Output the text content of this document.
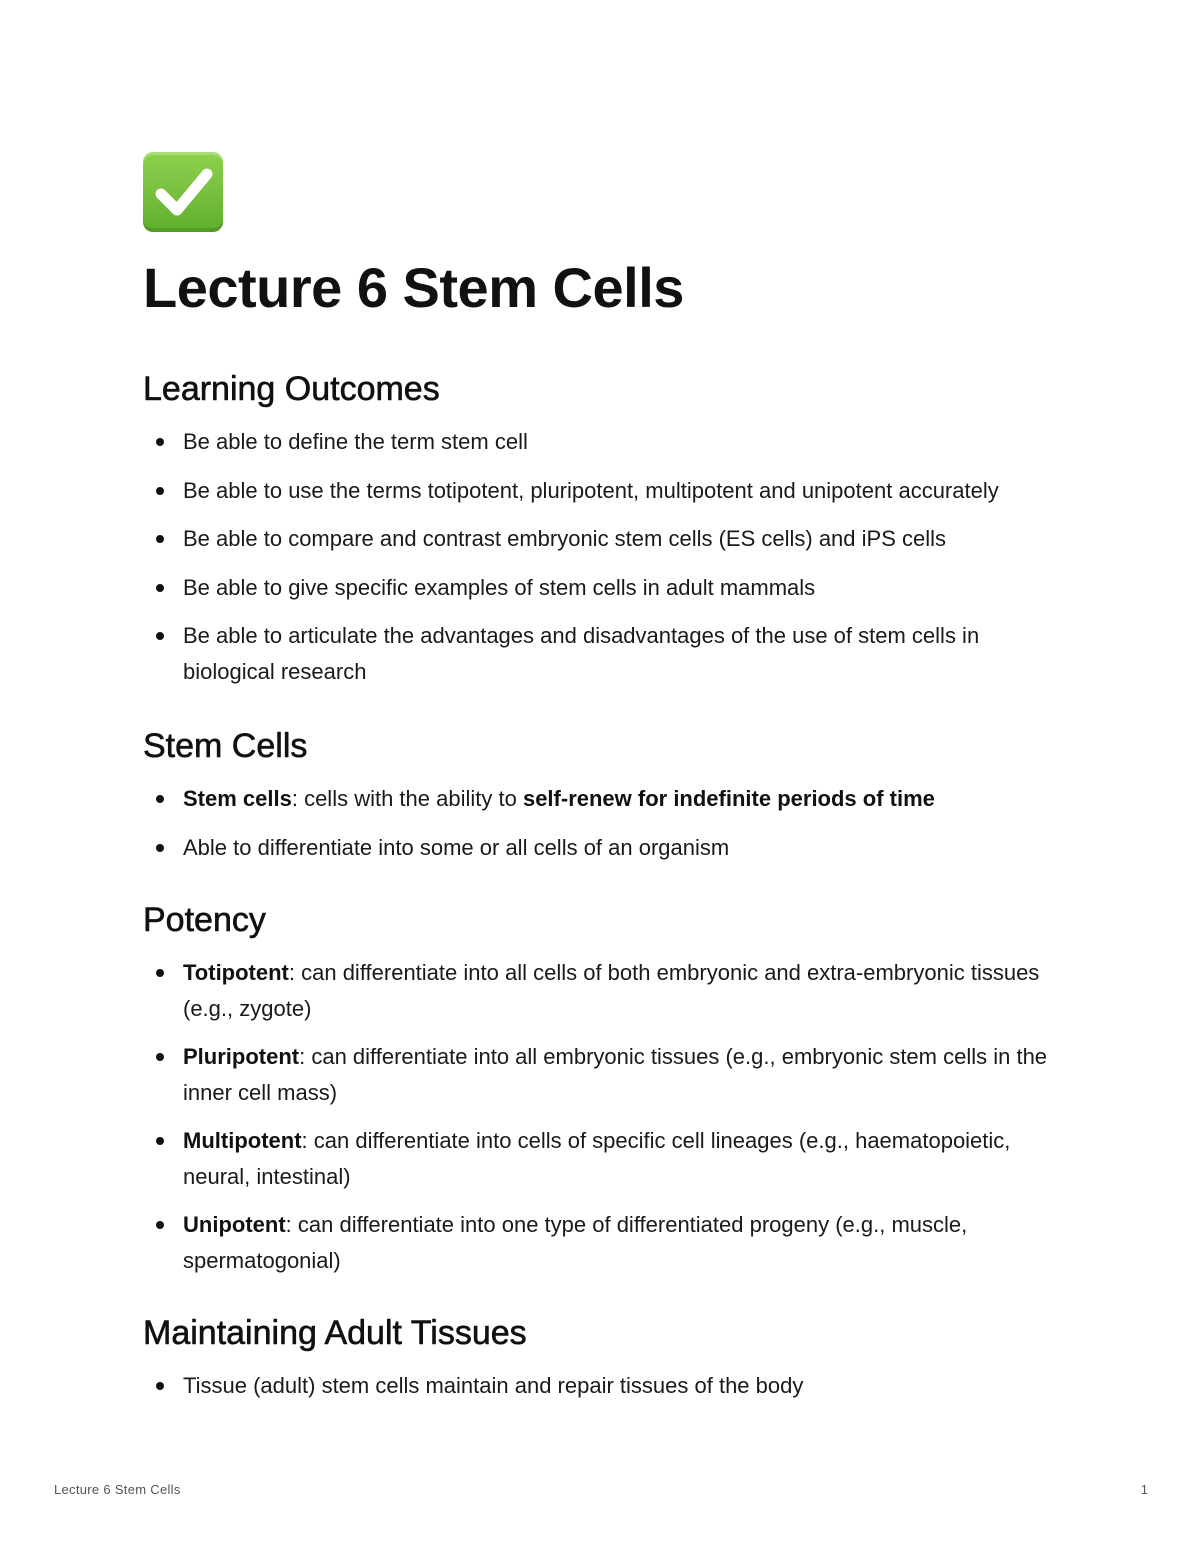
Lecture 6 Stem Cells
Learning Outcomes
Be able to define the term stem cell
Be able to use the terms totipotent, pluripotent, multipotent and unipotent accurately
Be able to compare and contrast embryonic stem cells (ES cells) and iPS cells
Be able to give specific examples of stem cells in adult mammals
Be able to articulate the advantages and disadvantages of the use of stem cells in biological research
Stem Cells
Stem cells: cells with the ability to self-renew for indefinite periods of time
Able to differentiate into some or all cells of an organism
Potency
Totipotent: can differentiate into all cells of both embryonic and extra-embryonic tissues (e.g., zygote)
Pluripotent: can differentiate into all embryonic tissues (e.g., embryonic stem cells in the inner cell mass)
Multipotent: can differentiate into cells of specific cell lineages (e.g., haematopoietic, neural, intestinal)
Unipotent: can differentiate into one type of differentiated progeny (e.g., muscle, spermatogonial)
Maintaining Adult Tissues
Tissue (adult) stem cells maintain and repair tissues of the body
Lecture 6 Stem Cells	1
